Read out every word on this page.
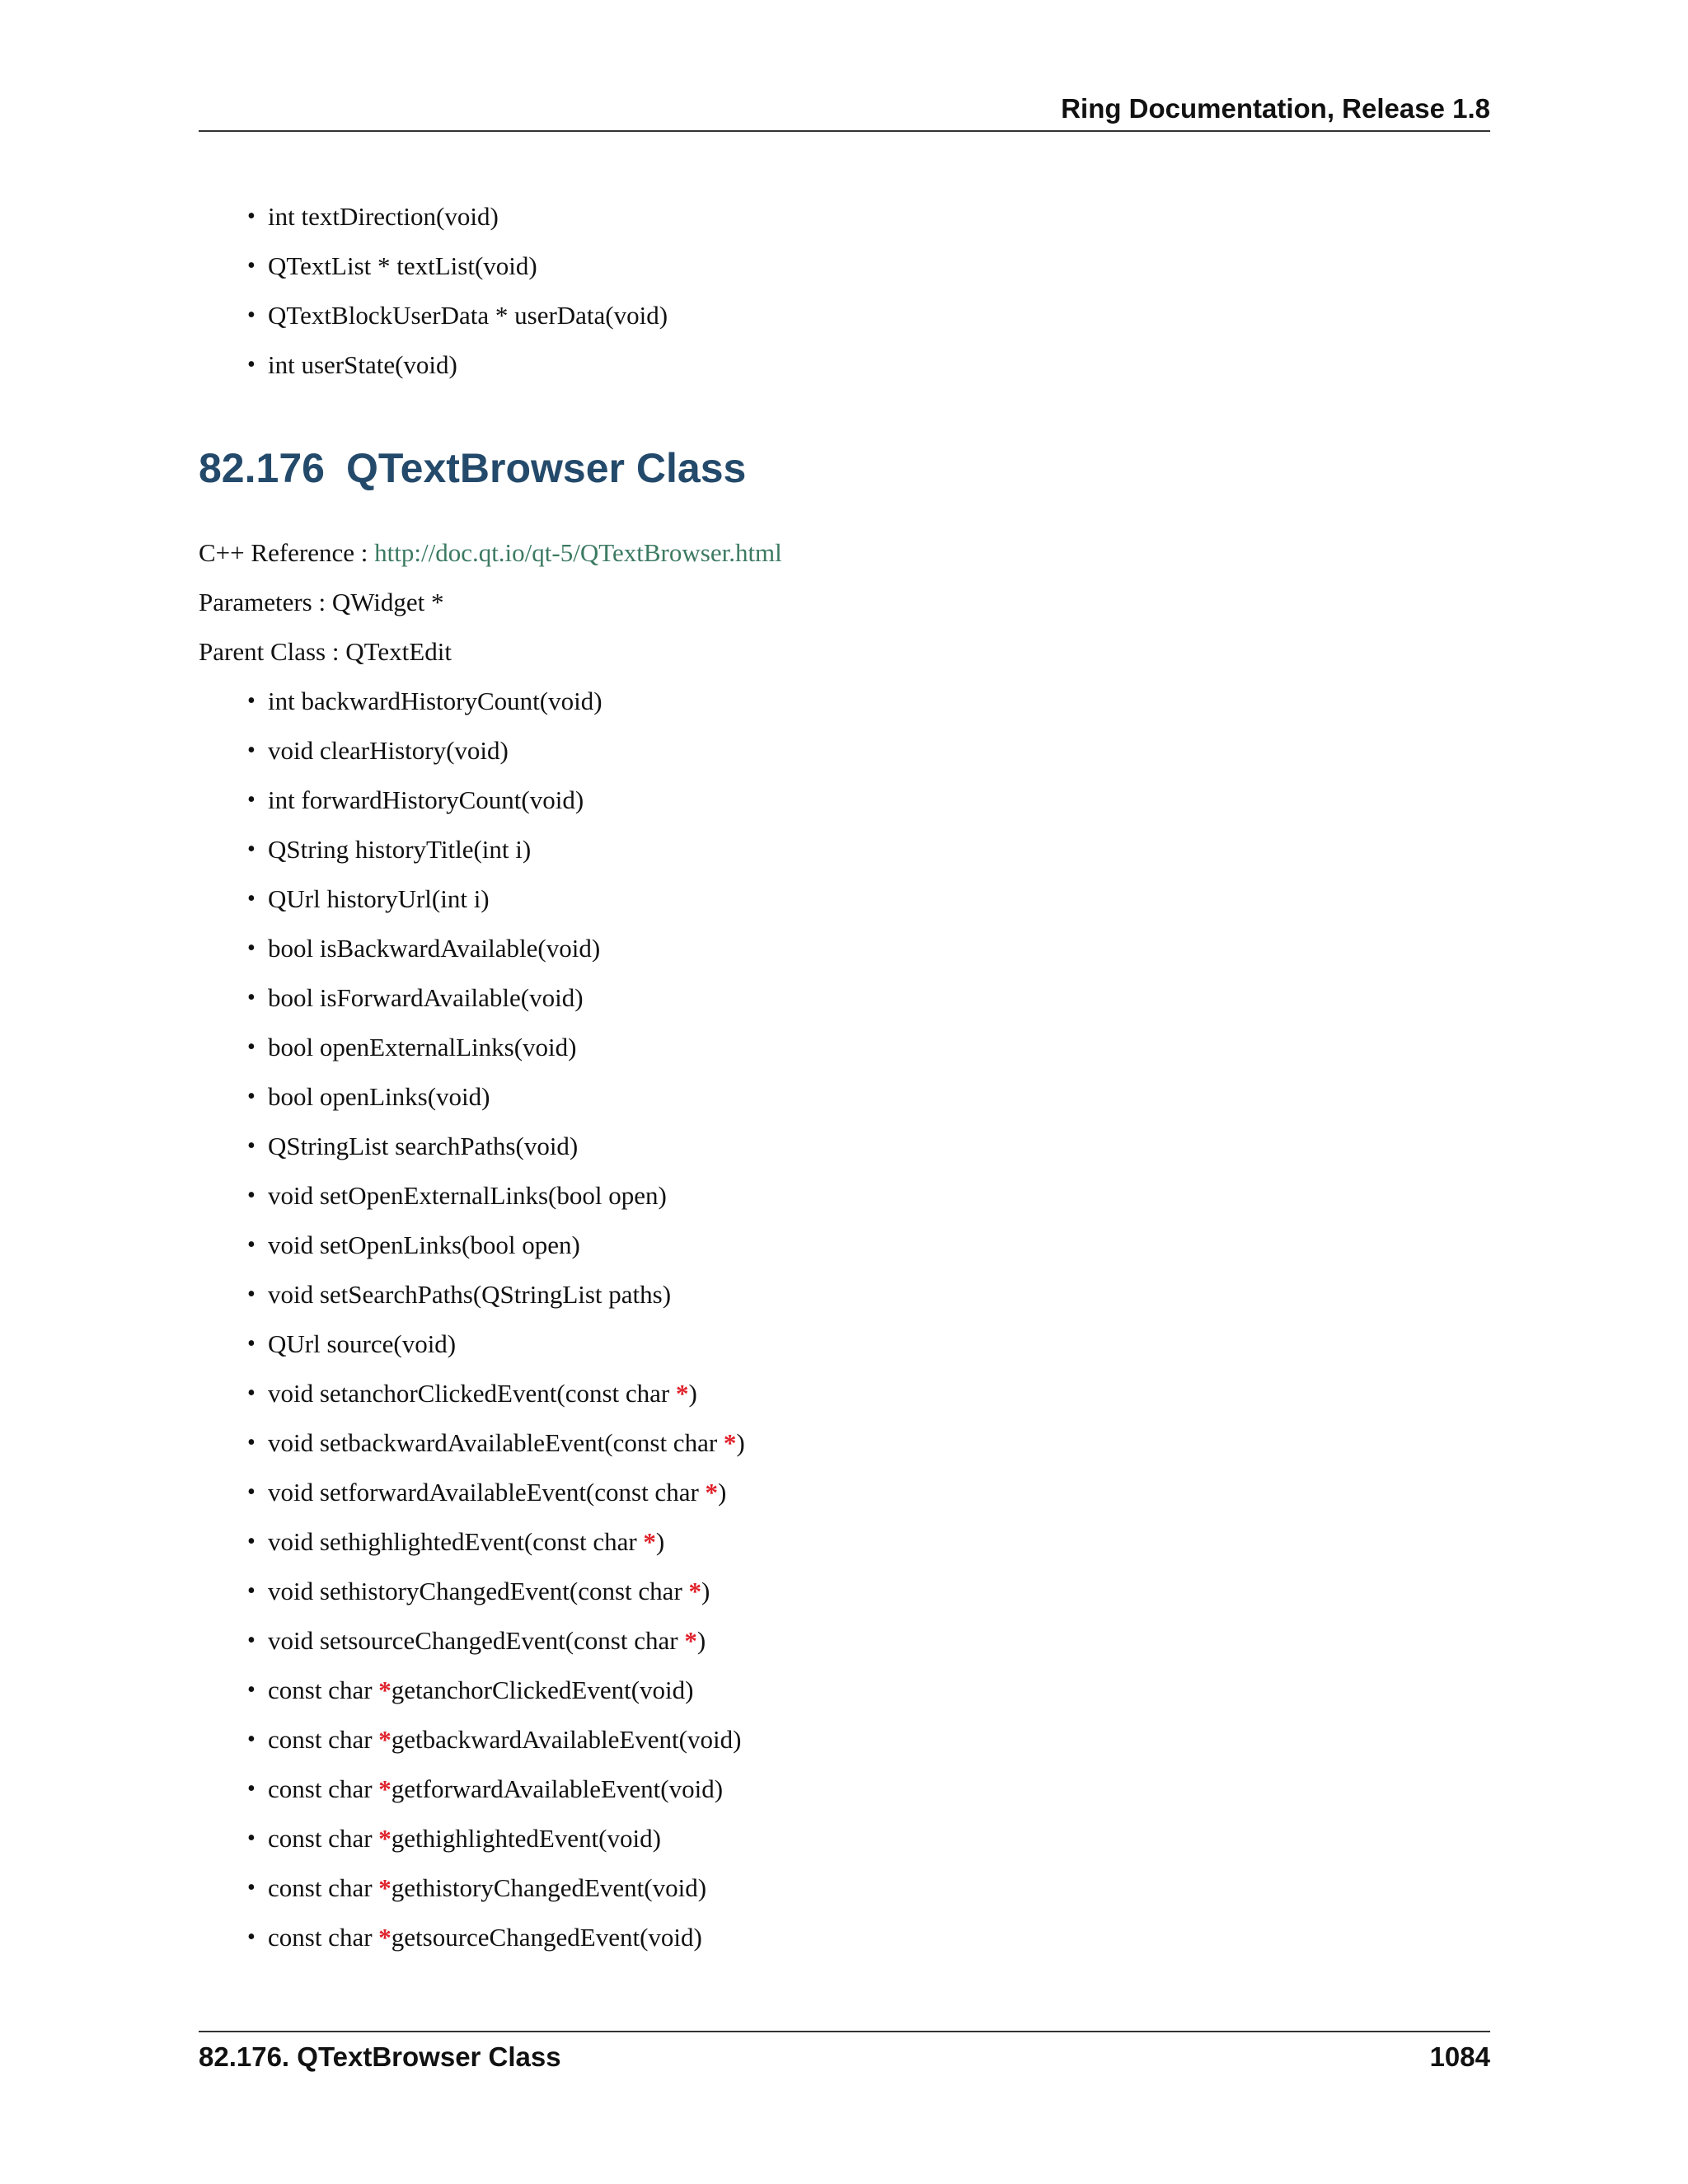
Ring Documentation, Release 1.8
• int textDirection(void)
• QTextList * textList(void)
• QTextBlockUserData * userData(void)
• int userState(void)
82.176 QTextBrowser Class
C++ Reference : http://doc.qt.io/qt-5/QTextBrowser.html
Parameters : QWidget *
Parent Class : QTextEdit
• int backwardHistoryCount(void)
• void clearHistory(void)
• int forwardHistoryCount(void)
• QString historyTitle(int i)
• QUrl historyUrl(int i)
• bool isBackwardAvailable(void)
• bool isForwardAvailable(void)
• bool openExternalLinks(void)
• bool openLinks(void)
• QStringList searchPaths(void)
• void setOpenExternalLinks(bool open)
• void setOpenLinks(bool open)
• void setSearchPaths(QStringList paths)
• QUrl source(void)
• void setanchorClickedEvent(const char *)
• void setbackwardAvailableEvent(const char *)
• void setforwardAvailableEvent(const char *)
• void sethighlightedEvent(const char *)
• void sethistoryChangedEvent(const char *)
• void setsourceChangedEvent(const char *)
• const char *getanchorClickedEvent(void)
• const char *getbackwardAvailableEvent(void)
• const char *getforwardAvailableEvent(void)
• const char *gethighlightedEvent(void)
• const char *gethistoryChangedEvent(void)
• const char *getsourceChangedEvent(void)
82.176. QTextBrowser Class	1084
